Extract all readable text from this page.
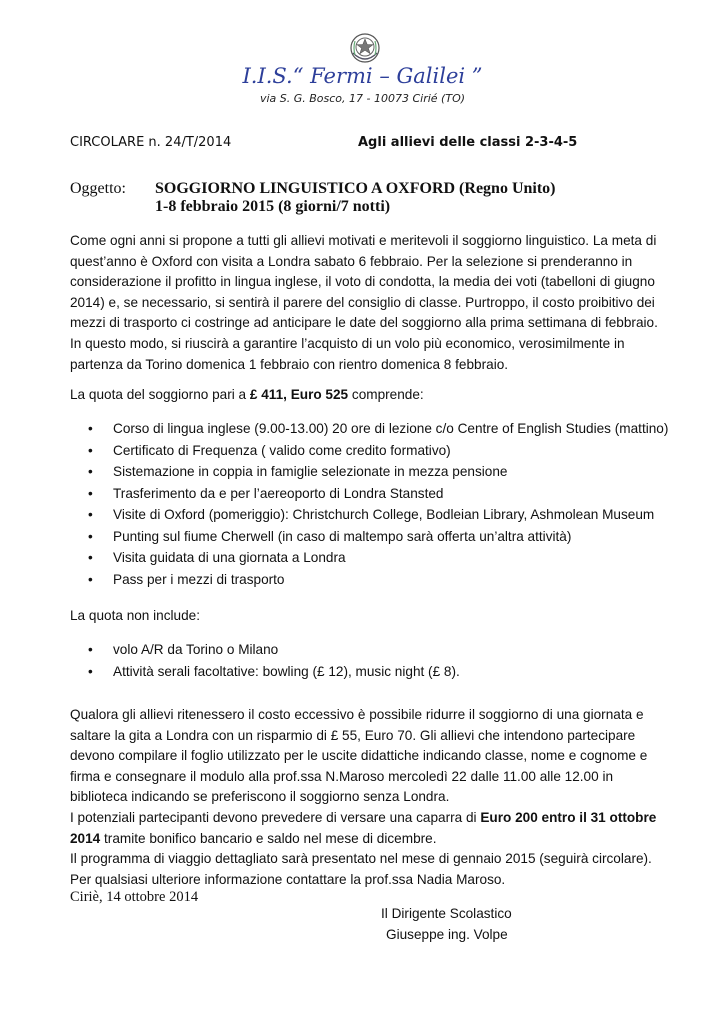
I.I.S.“ Fermi – Galilei ”
via S. G. Bosco, 17 - 10073 Cirié (TO)
CIRCOLARE n. 24/T/2014	Agli allievi delle classi 2-3-4-5
Oggetto: SOGGIORNO LINGUISTICO A OXFORD (Regno Unito)
1-8 febbraio 2015 (8 giorni/7 notti)
Come ogni anni si propone a tutti gli allievi motivati e meritevoli il soggiorno linguistico. La meta di quest’anno è Oxford con visita a Londra sabato 6 febbraio. Per la selezione si prenderanno in considerazione il profitto in lingua inglese, il voto di condotta, la media dei voti (tabelloni di giugno 2014) e, se necessario, si sentirà il parere del consiglio di classe. Purtroppo, il costo proibitivo dei mezzi di trasporto ci costringe ad anticipare le date del soggiorno alla prima settimana di febbraio. In questo modo, si riuscirà a garantire l’acquisto di un volo più economico, verosimilmente in partenza da Torino domenica 1 febbraio con rientro domenica 8 febbraio.
La quota del soggiorno pari a £ 411, Euro 525 comprende:
• Corso di lingua inglese (9.00-13.00) 20 ore di lezione c/o Centre of English Studies (mattino)
• Certificato di Frequenza ( valido come credito formativo)
• Sistemazione in coppia in famiglie selezionate in mezza pensione
• Trasferimento da e per l’aereoporto di Londra Stansted
• Visite di Oxford (pomeriggio): Christchurch College, Bodleian Library, Ashmolean Museum
• Punting sul fiume Cherwell (in caso di maltempo sarà offerta un’altra attività)
• Visita guidata di una giornata a Londra
• Pass per i mezzi di trasporto
La quota non include:
• volo A/R da Torino o Milano
• Attività serali facoltative: bowling (£ 12), music night (£ 8).
Qualora gli allievi ritenessero il costo eccessivo è possibile ridurre il soggiorno di una giornata e saltare la gita a Londra con un risparmio di £ 55, Euro 70. Gli allievi che intendono partecipare devono compilare il foglio utilizzato per le uscite didattiche indicando classe, nome e cognome e firma e consegnare il modulo alla prof.ssa N.Maroso mercoledì 22 dalle 11.00 alle 12.00 in biblioteca indicando se preferiscono il soggiorno senza Londra.
I potenziali partecipanti devono prevedere di versare una caparra di Euro 200 entro il 31 ottobre 2014 tramite bonifico bancario e saldo nel mese di dicembre.
Il programma di viaggio dettagliato sarà presentato nel mese di gennaio 2015 (seguirà circolare).
Per qualsiasi ulteriore informazione contattare la prof.ssa Nadia Maroso.
Ciriè, 14 ottobre 2014
Il Dirigente Scolastico
Giuseppe ing. Volpe
